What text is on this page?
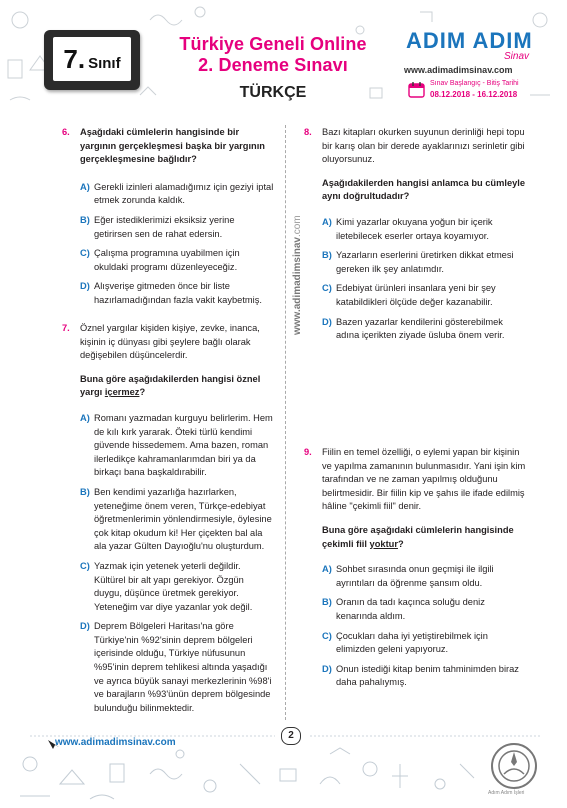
7. Sınıf
Türkiye Geneli Online
2. Deneme Sınavı
TÜRKÇE
ADIM ADIM
Sinav
www.adimadimsinav.com
Sınav Başlangıç - Bitiş Tarihi
08.12.2018 - 16.12.2018
www.adimadimsinav.com
6. Aşağıdaki cümlelerin hangisinde bir yargının gerçekleşmesi başka bir yargının gerçekleşmesine bağlıdır?

A) Gerekli izinleri alamadığımız için geziyi iptal etmek zorunda kaldık.
B) Eğer istediklerimizi eksiksiz yerine getirirsen sen de rahat edersin.
C) Çalışma programına uyabilmen için okuldaki programı düzenleyeceğiz.
D) Alışverişe gitmeden önce bir liste hazırlamadığından fazla vakit kaybetmiş.
7. Öznel yargılar kişiden kişiye, zevke, inanca, kişinin iç dünyası gibi şeylere bağlı olarak değişebilen düşüncelerdir.

Buna göre aşağıdakilerden hangisi öznel yargı içermez?

A) Romanı yazmadan kurguyu belirlerim. Hem de kılı kırk yararak. Öteki türlü kendimi güvende hissedemem. Ama bazen, roman ilerledikçe kahramanlarımdan biri ya da birkaçı bana başkaldırabilir.
B) Ben kendimi yazarlığa hazırlarken, yeteneğime önem veren, Türkçe-edebiyat öğretmenlerimin yönlendirmesiyle, öylesine çok kitap okudum ki! Her çiçekten bal ala ala yazar Gülten Dayıoğlu'nu oluşturdum.
C) Yazmak için yetenek yeterli değildir. Kültürel bir alt yapı gerekiyor. Özgün duygu, düşünce üretmek gerekiyor. Yeteneğim var diye yazanlar yok değil.
D) Deprem Bölgeleri Haritası'na göre Türkiye'nin %92'sinin deprem bölgeleri içerisinde olduğu, Türkiye nüfusunun %95'inin deprem tehlikesi altında yaşadığı ve ayrıca büyük sanayi merkezlerinin %98'i ve barajların %93'ünün deprem bölgesinde bulunduğu bilinmektedir.
8. Bazı kitapları okurken suyunun derinliği hepi topu bir karış olan bir derede ayaklarınızı serinletir gibi oluyorsunuz.

Aşağıdakilerden hangisi anlamca bu cümleyle aynı doğrultudadır?

A) Kimi yazarlar okuyana yoğun bir içerik iletebilecek eserler ortaya koyamıyor.
B) Yazarların eserlerini üretirken dikkat etmesi gereken ilk şey anlatımdır.
C) Edebiyat ürünleri insanlara yeni bir şey katabildikleri ölçüde değer kazanabilir.
D) Bazen yazarlar kendilerini gösterebilmek adına içerikten ziyade üsluba önem verir.
9. Fiilin en temel özelliği, o eylemi yapan bir kişinin ve yapılma zamanının bulunmasıdır. Yani işin kim tarafından ve ne zaman yapılmış olduğunu belirtmesidir. Bir fiilin kip ve şahıs ile ifade edilmiş hâline "çekimli fiil" denir.

Buna göre aşağıdaki cümlelerin hangisinde çekimli fiil yoktur?

A) Sohbet sırasında onun geçmişi ile ilgili ayrıntıları da öğrenme şansım oldu.
B) Oranın da tadı kaçınca soluğu deniz kenarında aldım.
C) Çocukları daha iyi yetiştirebilmek için elimizden geleni yapıyoruz.
D) Onun istediği kitap benim tahminimden biraz daha pahalıymış.
www.adimadimsinav.com
2
Adım Adım İşleri
